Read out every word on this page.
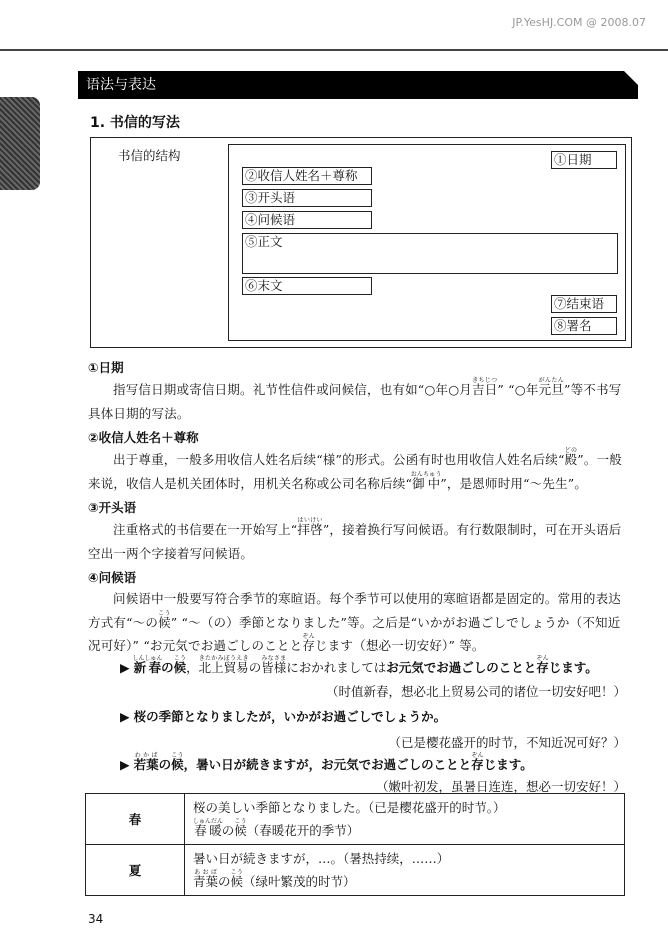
JP.YesHJ.COM @ 2008.07
语法与表达
1. 书信的写法
书信的结构	①日期
②收信人姓名＋尊称
③开头语
④问候语
⑤正文
⑥末文
⑦结束语
⑧署名
①日期
指写信日期或寄信日期。礼节性信件或问候信，也有如“○年○月吉日きちじつ” “○年元旦がんたん”等不书写具体日期的写法。
②收信人姓名＋尊称
出于尊重，一般多用收信人姓名后续“様”的形式。公函有时也用收信人姓名后续“殿どの”。一般来说，收信人是机关团体时，用机关名称或公司名称后续“御中おんちゅう”，是恩师时用“～先生”。
③开头语
注重格式的书信要在一开始写上“拝啓はいけい”，接着换行写问候语。有行数限制时，可在开头语后空出一两个字接着写问候语。
④问候语
问候语中一般要写符合季节的寒暄语。每个季节可以使用的寒暄语都是固定的。常用的表达方式有“～の候こう” “～（の）季節となりました”等。之后是“いかがお過ごしでしょうか（不知近况可好）” “お元気でお過ごしのことと存ぞんじます（想必一切安好）” 等。
▶ 新春しんしゅんの候こう，北上貿易きたかみぼうえきの皆様みなさまにおかれましてはお元気でお過ごしのことと存ぞんじます。
（时值新春，想必北上贸易公司的诸位一切安好吧！）
▶ 桜の季節となりましたが，いかがお過ごしでしょうか。
（已是樱花盛开的时节，不知近况可好？）
▶ 若葉わかばの候こう，暑い日が続きますが，お元気でお過ごしのことと存ぞんじます。
（嫩叶初发，虽暑日连连，想必一切安好！）
春	桜の美しい季節となりました。（已是樱花盛开的时节。）
春暖しゅんだんの候こう（春暖花开的季节）

夏	暑い日が続きますが，…。（暑热持续，……）
青葉あおばの候こう（绿叶繁茂的时节）
34
